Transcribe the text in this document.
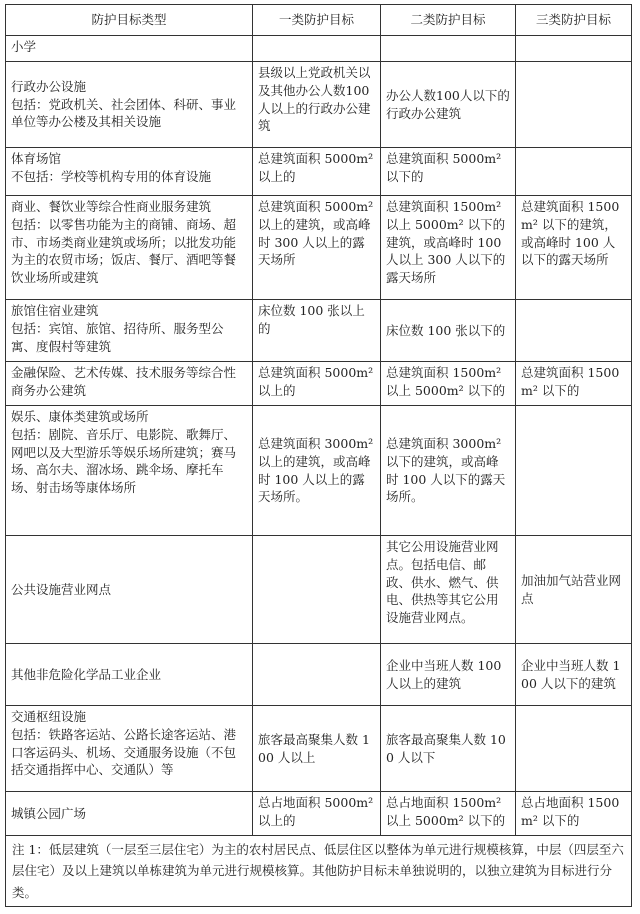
防护目标类型	一类防护目标	二类防护目标	三类防护目标

小学			

行政办公设施
包括：党政机关、社会团体、科研、事业单位等办公楼及其相关设施	县级以上党政机关以及其他办公人数100人以上的行政办公建筑	办公人数100人以下的行政办公建筑	

体育场馆
不包括：学校等机构专用的体育设施	总建筑面积 5000m² 以上的	总建筑面积 5000m² 以下的	

商业、餐饮业等综合性商业服务建筑
包括：以零售功能为主的商铺、商场、超市、市场类商业建筑或场所；以批发功能为主的农贸市场；饭店、餐厅、酒吧等餐饮业场所或建筑	总建筑面积 5000m² 以上的建筑，或高峰时 300 人以上的露天场所	总建筑面积 1500m² 以上 5000m² 以下的建筑，或高峰时 100 人以上 300 人以下的露天场所	总建筑面积 1500m² 以下的建筑，或高峰时 100 人以下的露天场所

旅馆住宿业建筑
包括：宾馆、旅馆、招待所、服务型公寓、度假村等建筑	床位数 100 张以上的	床位数 100 张以下的	

金融保险、艺术传媒、技术服务等综合性商务办公建筑	总建筑面积 5000m² 以上的	总建筑面积 1500m² 以上 5000m² 以下的	总建筑面积 1500m² 以下的

娱乐、康体类建筑或场所
包括：剧院、音乐厅、电影院、歌舞厅、网吧以及大型游乐等娱乐场所建筑；赛马场、高尔夫、溜冰场、跳伞场、摩托车场、射击场等康体场所	总建筑面积 3000m² 以上的建筑，或高峰时 100 人以上的露天场所。	总建筑面积 3000m² 以下的建筑，或高峰时 100 人以下的露天场所。	

公共设施营业网点		其它公用设施营业网点。包括电信、邮政、供水、燃气、供电、供热等其它公用设施营业网点。	加油加气站营业网点

其他非危险化学品工业企业		企业中当班人数 100 人以上的建筑	企业中当班人数 100 人以下的建筑

交通枢纽设施
包括：铁路客运站、公路长途客运站、港口客运码头、机场、交通服务设施（不包括交通指挥中心、交通队）等	旅客最高聚集人数 100 人以上	旅客最高聚集人数 100 人以下	

城镇公园广场	总占地面积 5000m² 以上的	总占地面积 1500m² 以上 5000m² 以下的	总占地面积 1500m² 以下的
注 1：低层建筑（一层至三层住宅）为主的农村居民点、低层住区以整体为单元进行规模核算，中层（四层至六层住宅）及以上建筑以单栋建筑为单元进行规模核算。其他防护目标未单独说明的，以独立建筑为目标进行分类。			
